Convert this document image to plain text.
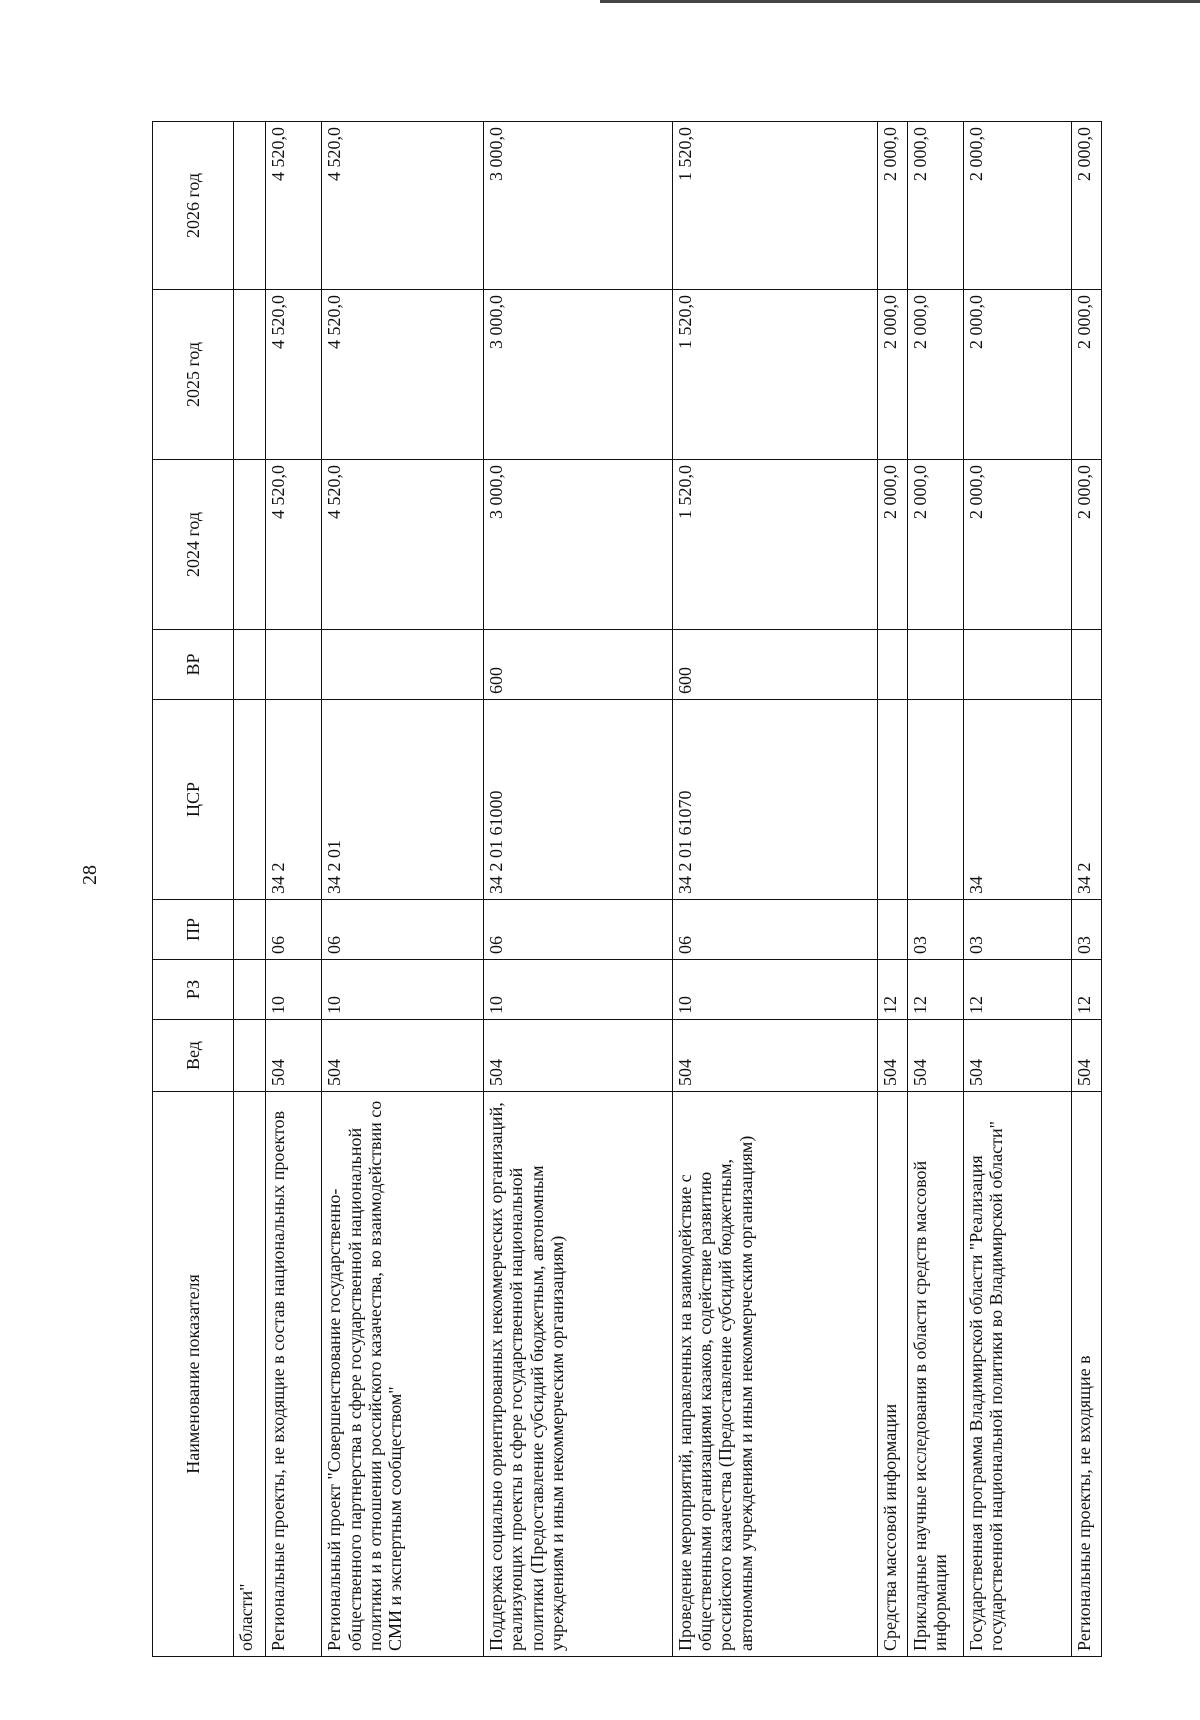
28
Наименование показателя	Вед	РЗ	ПР	ЦСР	ВР	2024 год	2025 год	2026 год
области"								
Региональные проекты, не входящие в состав национальных проектов	504	10	06	34 2		4 520,0	4 520,0	4 520,0
Региональный проект "Совершенствование государственно-общественного партнерства в сфере государственной национальной политики и в отношении российского казачества, во взаимодействии со СМИ и экспертным сообществом"	504	10	06	34 2 01		4 520,0	4 520,0	4 520,0
Поддержка социально ориентированных некоммерческих организаций, реализующих проекты в сфере государственной национальной политики (Предоставление субсидий бюджетным, автономным учреждениям и иным некоммерческим организациям)	504	10	06	34 2 01 61000	600	3 000,0	3 000,0	3 000,0
Проведение мероприятий, направленных на взаимодействие с общественными организациями казаков, содействие развитию российского казачества (Предоставление субсидий бюджетным, автономным учреждениям и иным некоммерческим организациям)	504	10	06	34 2 01 61070	600	1 520,0	1 520,0	1 520,0
Средства массовой информации	504	12				2 000,0	2 000,0	2 000,0
Прикладные научные исследования в области средств массовой информации	504	12	03			2 000,0	2 000,0	2 000,0
Государственная программа Владимирской области "Реализация государственной национальной политики во Владимирской области"	504	12	03	34		2 000,0	2 000,0	2 000,0
Региональные проекты, не входящие в	504	12	03	34 2		2 000,0	2 000,0	2 000,0
